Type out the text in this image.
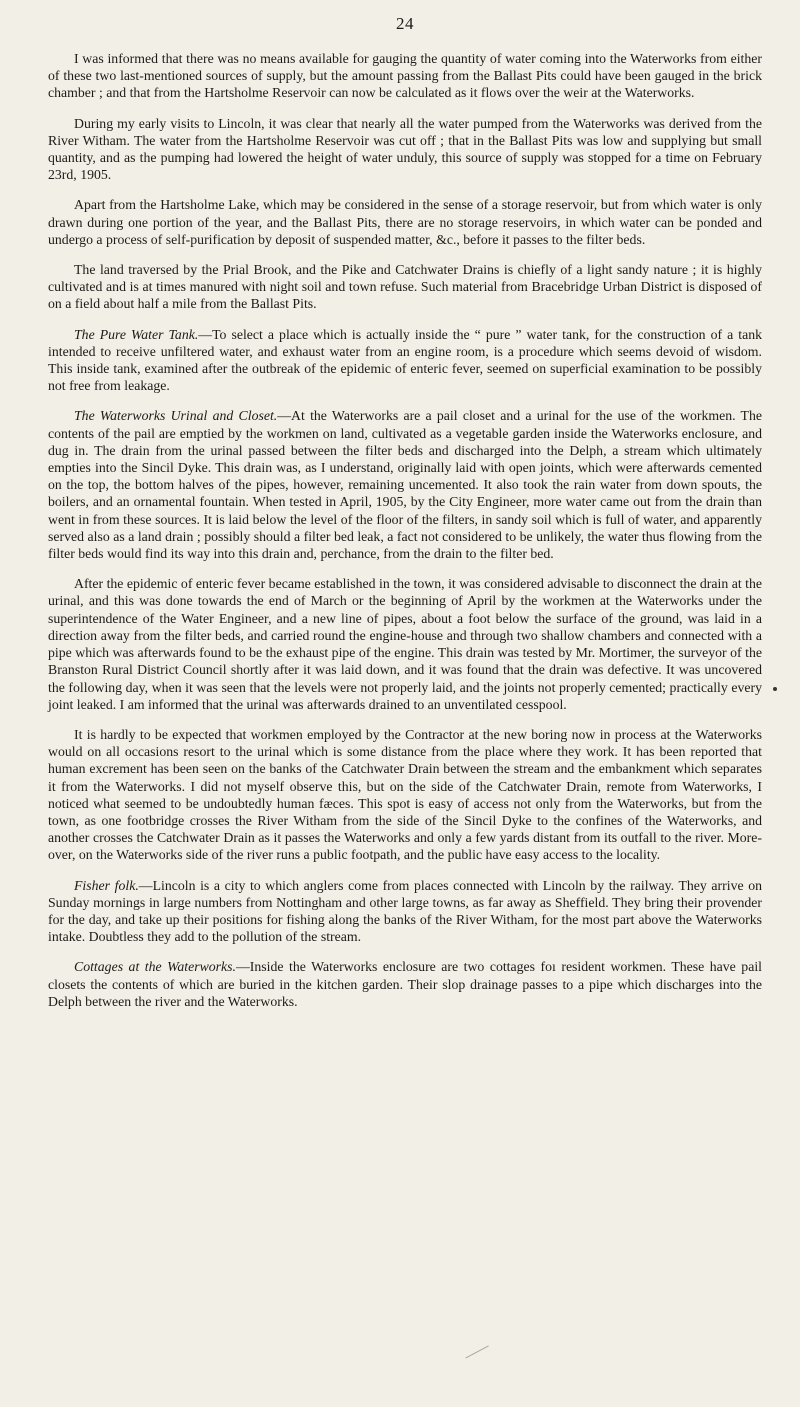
24

I was informed that there was no means available for gauging the quantity of water coming into the Waterworks from either of these two last-mentioned sources of supply, but the amount passing from the Ballast Pits could have been gauged in the brick chamber ; and that from the Hartsholme Reservoir can now be calculated as it flows over the weir at the Waterworks.

During my early visits to Lincoln, it was clear that nearly all the water pumped from the Waterworks was derived from the River Witham. The water from the Hartsholme Reservoir was cut off ; that in the Ballast Pits was low and supplying but small quantity, and as the pumping had lowered the height of water unduly, this source of supply was stopped for a time on February 23rd, 1905.

Apart from the Hartsholme Lake, which may be considered in the sense of a storage reservoir, but from which water is only drawn during one portion of the year, and the Ballast Pits, there are no storage reservoirs, in which water can be ponded and undergo a process of self-purification by deposit of suspended matter, &c., before it passes to the filter beds.

The land traversed by the Prial Brook, and the Pike and Catchwater Drains is chiefly of a light sandy nature ; it is highly cultivated and is at times manured with night soil and town refuse. Such material from Bracebridge Urban District is disposed of on a field about half a mile from the Ballast Pits.

The Pure Water Tank.—To select a place which is actually inside the “ pure ” water tank, for the construction of a tank intended to receive unfiltered water, and exhaust water from an engine room, is a procedure which seems devoid of wisdom. This inside tank, examined after the outbreak of the epidemic of enteric fever, seemed on superficial examination to be possibly not free from leakage.

The Waterworks Urinal and Closet.—At the Waterworks are a pail closet and a urinal for the use of the workmen. The contents of the pail are emptied by the workmen on land, cultivated as a vegetable garden inside the Waterworks enclosure, and dug in. The drain from the urinal passed between the filter beds and discharged into the Delph, a stream which ultimately empties into the Sincil Dyke. This drain was, as I understand, originally laid with open joints, which were afterwards cemented on the top, the bottom halves of the pipes, however, remaining uncemented. It also took the rain water from down spouts, the boilers, and an ornamental fountain. When tested in April, 1905, by the City Engineer, more water came out from the drain than went in from these sources. It is laid below the level of the floor of the filters, in sandy soil which is full of water, and apparently served also as a land drain ; possibly should a filter bed leak, a fact not considered to be unlikely, the water thus flowing from the filter beds would find its way into this drain and, perchance, from the drain to the filter bed.

After the epidemic of enteric fever became established in the town, it was considered advisable to disconnect the drain at the urinal, and this was done towards the end of March or the beginning of April by the workmen at the Waterworks under the superintendence of the Water Engineer, and a new line of pipes, about a foot below the surface of the ground, was laid in a direction away from the filter beds, and carried round the engine-house and through two shallow chambers and connected with a pipe which was afterwards found to be the exhaust pipe of the engine. This drain was tested by Mr. Mortimer, the surveyor of the Branston Rural District Council shortly after it was laid down, and it was found that the drain was defective. It was uncovered the following day, when it was seen that the levels were not properly laid, and the joints not properly cemented; practically every joint leaked. I am informed that the urinal was afterwards drained to an unventilated cesspool.

It is hardly to be expected that workmen employed by the Contractor at the new boring now in process at the Waterworks would on all occasions resort to the urinal which is some distance from the place where they work. It has been reported that human excrement has been seen on the banks of the Catchwater Drain between the stream and the embankment which separates it from the Waterworks. I did not myself observe this, but on the side of the Catchwater Drain, remote from Waterworks, I noticed what seemed to be undoubtedly human fæces. This spot is easy of access not only from the Waterworks, but from the town, as one footbridge crosses the River Witham from the side of the Sincil Dyke to the confines of the Waterworks, and another crosses the Catchwater Drain as it passes the Waterworks and only a few yards distant from its outfall to the river. More-over, on the Waterworks side of the river runs a public footpath, and the public have easy access to the locality.

Fisher folk.—Lincoln is a city to which anglers come from places connected with Lincoln by the railway. They arrive on Sunday mornings in large numbers from Nottingham and other large towns, as far away as Sheffield. They bring their provender for the day, and take up their positions for fishing along the banks of the River Witham, for the most part above the Waterworks intake. Doubtless they add to the pollution of the stream.

Cottages at the Waterworks.—Inside the Waterworks enclosure are two cottages foı resident workmen. These have pail closets the contents of which are buried in the kitchen garden. Their slop drainage passes to a pipe which discharges into the Delph between the river and the Waterworks.
